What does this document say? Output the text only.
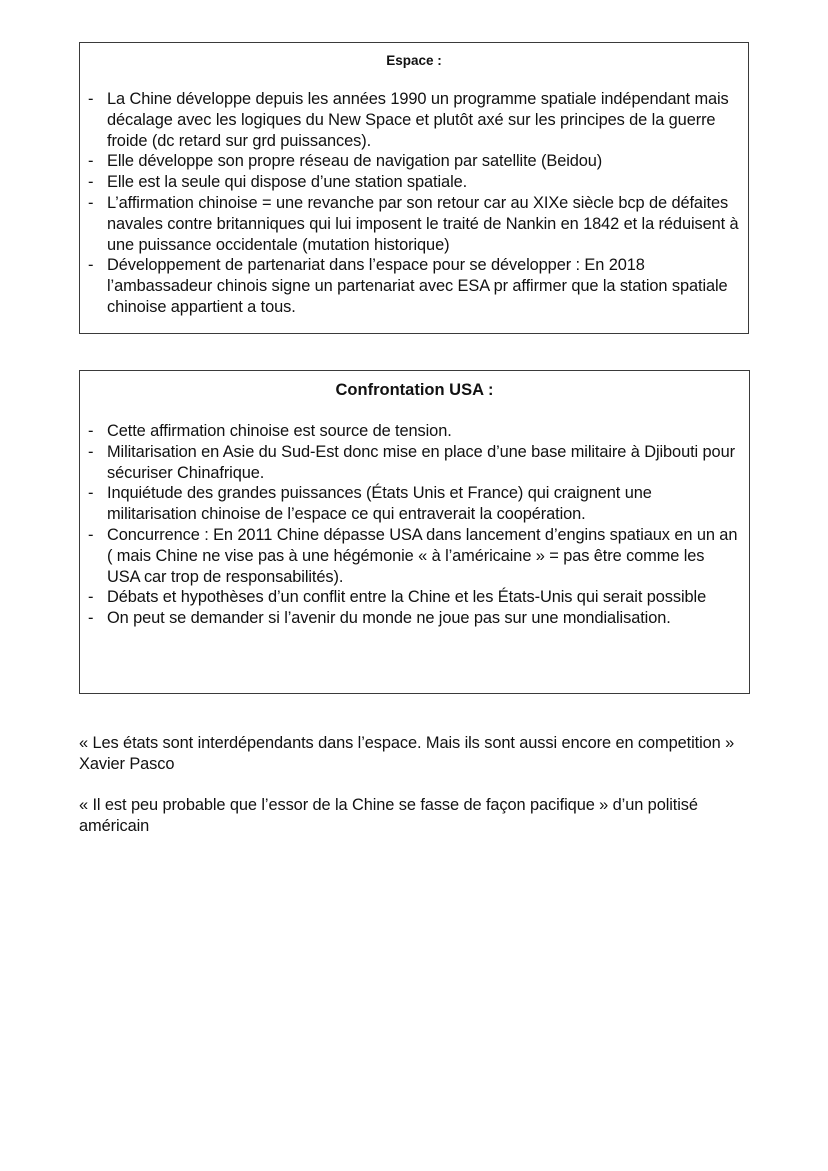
Espace :
- La Chine développe depuis les années 1990 un programme spatiale indépendant mais décalage avec les logiques du New Space et plutôt axé sur les principes de la guerre froide (dc retard sur grd puissances).
- Elle développe son propre réseau de navigation par satellite (Beidou)
- Elle est la seule qui dispose d’une station spatiale.
- L’affirmation chinoise = une revanche par son retour car au XIXe siècle bcp de défaites navales contre britanniques qui lui imposent le traité de Nankin en 1842 et la réduisent à une puissance occidentale (mutation historique)
- Développement de partenariat dans l’espace pour se développer : En 2018 l’ambassadeur chinois signe un partenariat avec ESA pr affirmer que la station spatiale chinoise appartient a tous.
Confrontation USA :
- Cette affirmation chinoise est source de tension.
- Militarisation en Asie du Sud-Est donc mise en place d’une base militaire à Djibouti pour sécuriser Chinafrique.
- Inquiétude des grandes puissances (États Unis et France) qui craignent une militarisation chinoise de l’espace ce qui entraverait la coopération.
- Concurrence : En 2011 Chine dépasse USA dans lancement d’engins spatiaux en un an ( mais Chine ne vise pas à une hégémonie « à l’américaine » = pas être comme les USA car trop de responsabilités).
- Débats et hypothèses d’un conflit entre la Chine et les États-Unis qui serait possible
- On peut se demander si l’avenir du monde ne joue pas sur une mondialisation.

« Les états sont interdépendants dans l’espace. Mais ils sont aussi encore en competition » Xavier Pasco

« Il est peu probable que l’essor de la Chine se fasse de façon pacifique » d’un politisé américain
